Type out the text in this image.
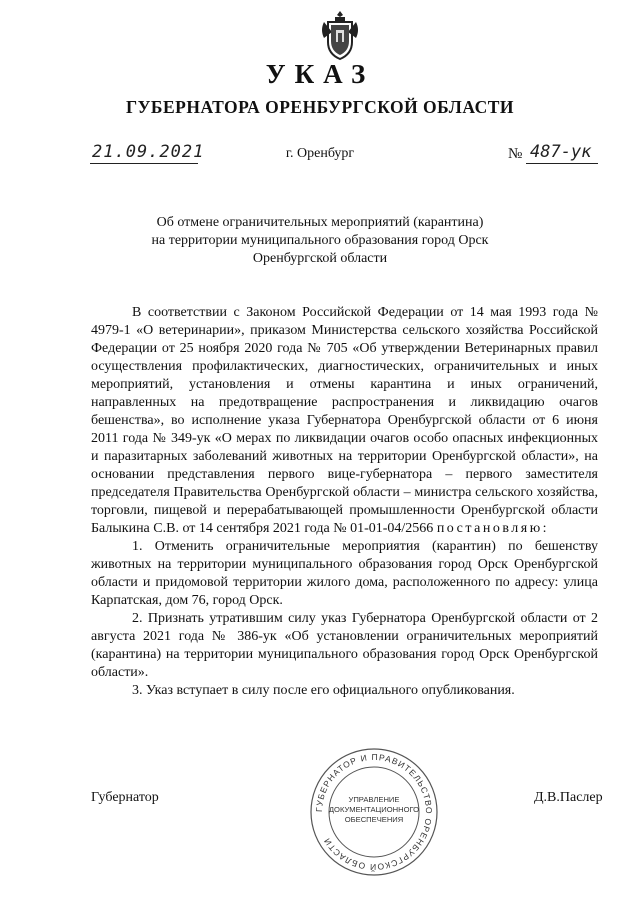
УКАЗ
ГУБЕРНАТОРА ОРЕНБУРГСКОЙ ОБЛАСТИ
21.09.2021	г. Оренбург	№ 487-ук
Об отмене ограничительных мероприятий (карантина)
на территории муниципального образования город Орск
Оренбургской области

В соответствии с Законом Российской Федерации от 14 мая 1993 года № 4979-1 «О ветеринарии», приказом Министерства сельского хозяйства Российской Федерации от 25 ноября 2020 года № 705 «Об утверждении Ветеринарных правил осуществления профилактических, диагностических, ограничительных и иных мероприятий, установления и отмены карантина и иных ограничений, направленных на предотвращение распространения и ликвидацию очагов бешенства», во исполнение указа Губернатора Оренбургской области от 6 июня 2011 года № 349-ук «О мерах по ликвидации очагов особо опасных инфекционных и паразитарных заболеваний животных на территории Оренбургской области», на основании представления первого вице-губернатора – первого заместителя председателя Правительства Оренбургской области – министра сельского хозяйства, торговли, пищевой и перерабатывающей промышленности Оренбургской области Балыкина С.В. от 14 сентября 2021 года № 01-01-04/2566 постановляю:

1. Отменить ограничительные мероприятия (карантин) по бешенству животных на территории муниципального образования город Орск Оренбургской области и придомовой территории жилого дома, расположенного по адресу: улица Карпатская, дом 76, город Орск.

2. Признать утратившим силу указ Губернатора Оренбургской области от 2 августа 2021 года № 386-ук «Об установлении ограничительных мероприятий (карантина) на территории муниципального образования город Орск Оренбургской области».

3. Указ вступает в силу после его официального опубликования.

Губернатор
ГУБЕРНАТОР И ПРАВИТЕЛЬСТВО ОРЕНБУРГСКОЙ ОБЛАСТИ
УПРАВЛЕНИЕ
ДОКУМЕНТАЦИОННОГО
ОБЕСПЕЧЕНИЯ
Д.В.Паслер
